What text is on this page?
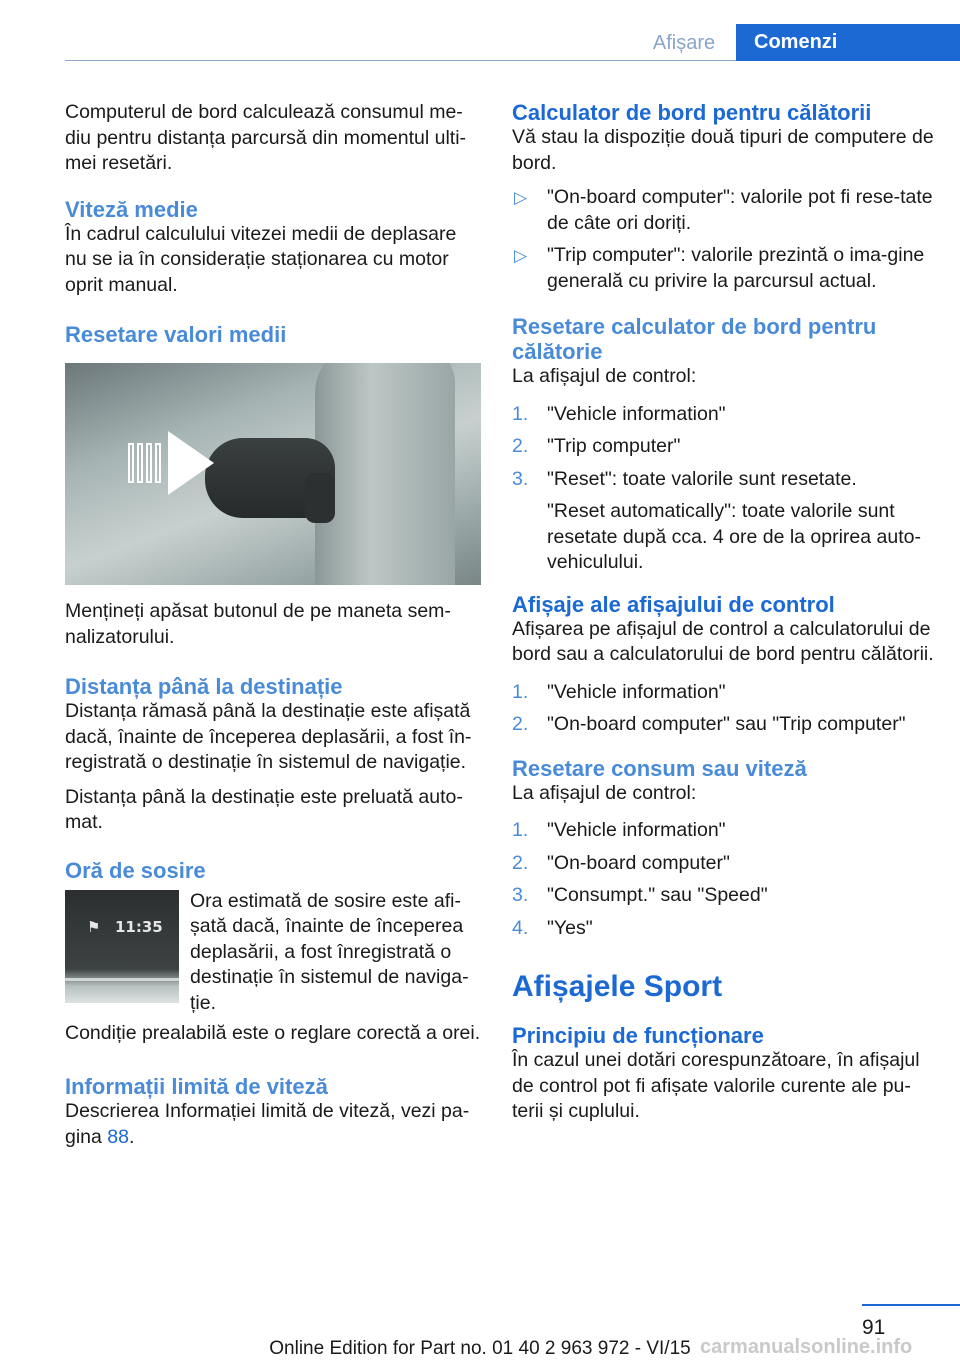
Afișare	Comenzi

Computerul de bord calculează consumul me-diu pentru distanța parcursă din momentul ulti-mei resetări.

Viteză medie

În cadrul calculului vitezei medii de deplasare nu se ia în considerație staționarea cu motor oprit manual.

Resetare valori medii

Mențineți apăsat butonul de pe maneta sem-nalizatorului.

Distanța până la destinație

Distanța rămasă până la destinație este afișată dacă, înainte de începerea deplasării, a fost în-registrată o destinație în sistemul de navigație.

Distanța până la destinație este preluată auto-mat.

Oră de sosire
⚑ 11:35
Ora estimată de sosire este afi-șată dacă, înainte de începerea deplasării, a fost înregistrată o destinație în sistemul de naviga-ție.

Condiție prealabilă este o reglare corectă a orei.

Informații limită de viteză

Descrierea Informației limită de viteză, vezi pa-gina 88.

Calculator de bord pentru călătorii

Vă stau la dispoziție două tipuri de computere de bord.

▷ "On-board computer": valorile pot fi rese-tate de câte ori doriți.
▷ "Trip computer": valorile prezintă o ima-gine generală cu privire la parcursul actual.
Resetare calculator de bord pentru călătorie

La afișajul de control:

1. "Vehicle information"
2. "Trip computer"
3. "Reset": toate valorile sunt resetate.
"Reset automatically": toate valorile sunt resetate după cca. 4 ore de la oprirea auto-vehiculului.
Afișaje ale afișajului de control

Afișarea pe afișajul de control a calculatorului de bord sau a calculatorului de bord pentru călătorii.

1. "Vehicle information"
2. "On-board computer" sau "Trip computer"
Resetare consum sau viteză

La afișajul de control:

1. "Vehicle information"
2. "On-board computer"
3. "Consumpt." sau "Speed"
4. "Yes"
Afișajele Sport
Principiu de funcționare

În cazul unei dotări corespunzătoare, în afișajul de control pot fi afișate valorile curente ale pu-terii și cuplului.

91
Online Edition for Part no. 01 40 2 963 972 - VI/15 carmanualsonline.info
